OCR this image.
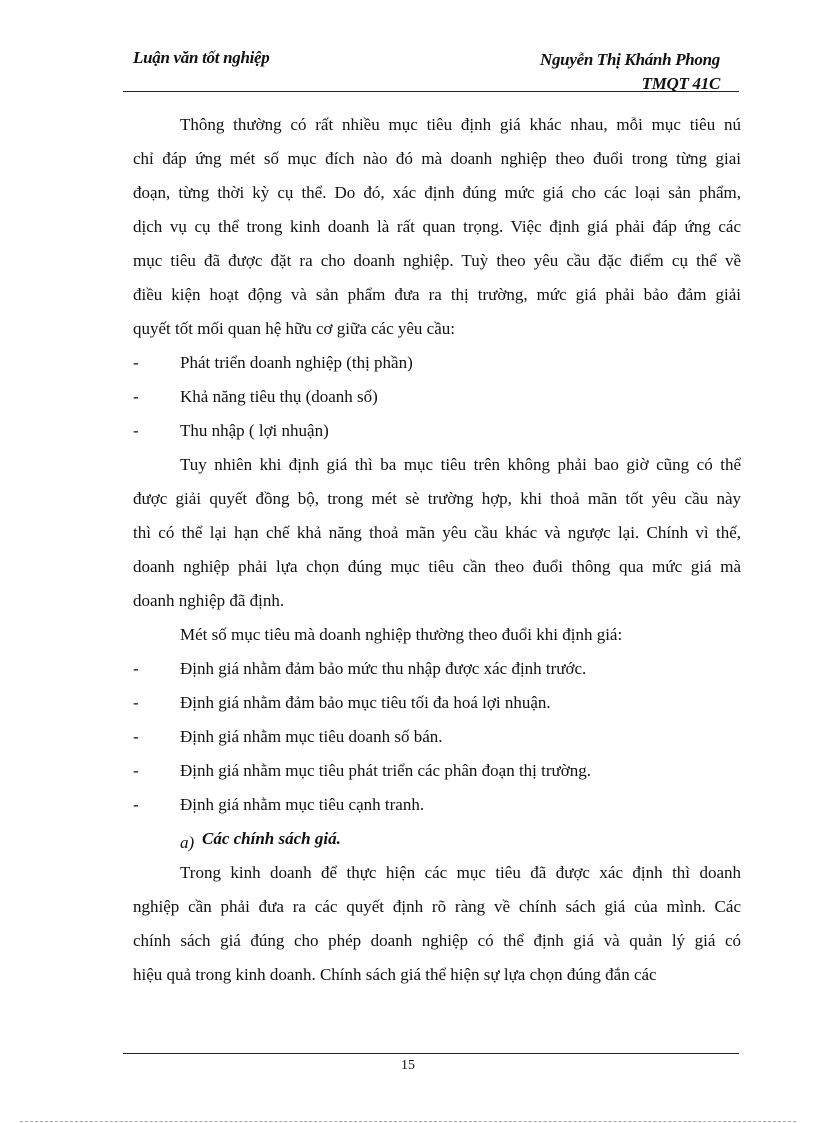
Luận văn tốt nghiệp	Nguyễn Thị Khánh Phong
TMQT 41C
Thông thường có rất nhiều mục tiêu định giá khác nhau, mỗi mục tiêu nú
chỉ đáp ứng mét số mục đích nào đó mà doanh nghiệp theo đuổi trong từng giai
đoạn, từng thời kỳ cụ thể. Do đó, xác định đúng mức giá cho các loại sản phẩm,
dịch vụ cụ thể trong kinh doanh là rất quan trọng. Việc định giá phải đáp ứng các
mục tiêu đã được đặt ra cho doanh nghiệp. Tuỳ theo yêu cầu đặc điểm cụ thể về
điều kiện hoạt động và sản phẩm đưa ra thị trường, mức giá phải bảo đảm giải
quyết tốt mối quan hệ hữu cơ giữa các yêu cầu:
-	Phát triển doanh nghiệp (thị phần)
-	Khả năng tiêu thụ (doanh số)
-	Thu nhập ( lợi nhuận)
Tuy nhiên khi định giá thì ba mục tiêu trên không phải bao giờ cũng có thể
được giải quyết đồng bộ, trong mét sè trường hợp, khi thoả mãn tốt yêu cầu này
thì có thể lại hạn chế khả năng thoả mãn yêu cầu khác và ngược lại. Chính vì thế,
doanh nghiệp phải lựa chọn đúng mục tiêu cần theo đuổi thông qua mức giá mà
doanh nghiệp đã định.
Mét số mục tiêu mà doanh nghiệp thường theo đuổi khi định giá:
-	Định giá nhằm đảm bảo mức thu nhập được xác định trước.
-	Định giá nhằm đảm bảo mục tiêu tối đa hoá lợi nhuận.
-	Định giá nhằm mục tiêu doanh số bán.
-	Định giá nhằm mục tiêu phát triển các phân đoạn thị trường.
-	Định giá nhằm mục tiêu cạnh tranh.
a) Các chính sách giá.
Trong kinh doanh để thực hiện các mục tiêu đã được xác định thì doanh
nghiệp cần phải đưa ra các quyết định rõ ràng về chính sách giá của mình. Các
chính sách giá đúng cho phép doanh nghiệp có thể định giá và quản lý giá có
hiệu quả trong kinh doanh. Chính sách giá thể hiện sự lựa chọn đúng đắn các
15
